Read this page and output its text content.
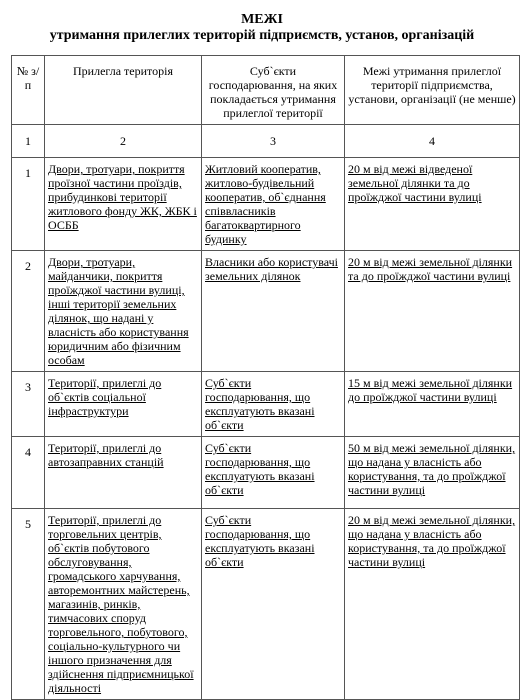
МЕЖІ
утримання прилеглих територій підприємств, установ, організацій
№ з/п	Прилегла територія	Суб`єкти господарювання, на яких покладається утримання прилеглої території	Межі утримання прилеглої території підприємства, установи, організації (не менше)
1	2	3	4
1	Двори, тротуари, покриття проїзної частини проїздів, прибудинкові території житлового фонду ЖК, ЖБК і ОСББ	Житловий кооператив, житлово-будівельний кооператив, об`єднання співвласників багатоквартирного будинку	20 м від межі відведеної земельної ділянки та до проїжджої частини вулиці
2	Двори, тротуари, майданчики, покриття проїжджої частини вулиці, інші території земельних ділянок, що надані у власність або користування юридичним або фізичним особам	Власники або користувачі земельних ділянок	20 м від межі земельної ділянки та до проїжджої частини вулиці
3	Території, прилеглі до об`єктів соціальної інфраструктури	Суб`єкти господарювання, що експлуатують вказані об`єкти	15 м від межі земельної ділянки до проїжджої частини вулиці
4	Території, прилеглі до автозаправних станцій	Суб`єкти господарювання, що експлуатують вказані об`єкти	50 м від межі земельної ділянки, що надана у власність або користування, та до проїжджої частини вулиці
5	Території, прилеглі до торговельних центрів, об`єктів побутового обслуговування, громадського харчування, авторемонтних майстерень, магазинів, ринків, тимчасових споруд торговельного, побутового, соціально-культурного чи іншого призначення для здійснення підприємницької діяльності	Суб`єкти господарювання, що експлуатують вказані об`єкти	20 м від межі земельної ділянки, що надана у власність або користування, та до проїжджої частини вулиці
